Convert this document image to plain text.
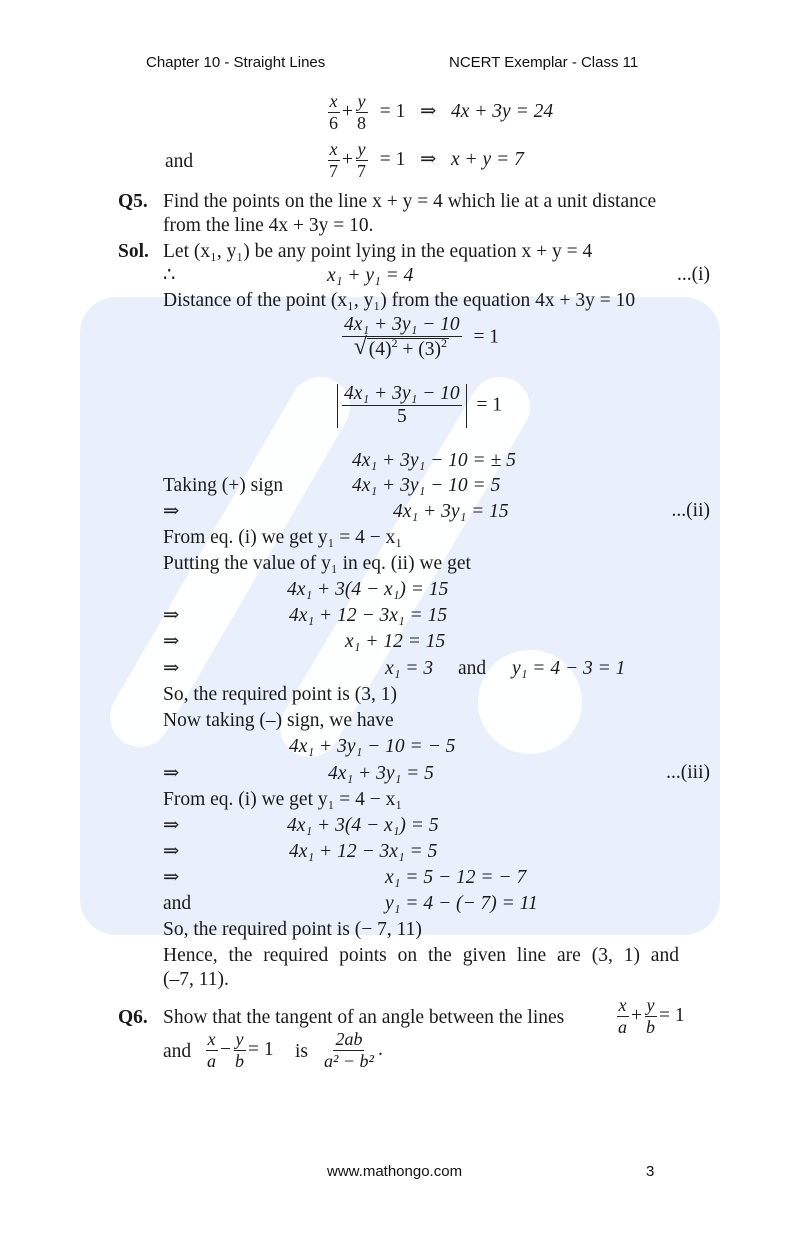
Chapter 10 - Straight Lines	NCERT Exemplar - Class 11
$\frac{x}{6} + \frac{y}{8} = 1$ ⇒ 4x + 3y = 24
and	$\frac{x}{7} + \frac{y}{7} = 1$ ⇒ x + y = 7
Q5. Find the points on the line x + y = 4 which lie at a unit distance
from the line 4x + 3y = 10.
Sol. Let (x₁, y₁) be any point lying in the equation x + y = 4
∴	x₁ + y₁ = 4	...(i)
Distance of the point (x₁, y₁) from the equation 4x + 3y = 10
4x₁ + 3y₁ − 10
√ $(4)^2 + (3)^2 = 1$
$\frac{\text{4x₁ + 3y₁ − 10}}{5} = 1$
4x₁ + 3y₁ − 10 = ± 5
Taking (+) sign	4x₁ + 3y₁ − 10 = 5
⇒	4x₁ + 3y₁ = 15	...(ii)
From eq. (i) we get y₁ = 4 − x₁
Putting the value of y₁ in eq. (ii) we get
4x₁ + 3(4 − x₁) = 15
⇒	4x₁ + 12 − 3x₁ = 15
⇒	x₁ + 12 = 15
⇒	x₁ = 3 and y₁ = 4 − 3 = 1
So, the required point is (3, 1)
Now taking (–) sign, we have
4x₁ + 3y₁ − 10 = − 5
⇒	4x₁ + 3y₁ = 5	...(iii)
From eq. (i) we get y₁ = 4 − x₁
⇒	4x₁ + 3(4 − x₁) = 5
⇒	4x₁ + 12 − 3x₁ = 5
⇒	x₁ = 5 − 12 = − 7
and	y₁ = 4 − (− 7) = 11
So, the required point is (− 7, 11)
Hence, the required points on the given line are (3, 1) and
(–7, 11).
Q6. Show that the tangent of an angle between the lines	$\frac{x}{a} + \frac{y}{b} = 1$
and $\frac{x}{a} - \frac{y}{b} = 1$ is $\frac{2ab}{\text{a² − b²}}$ .
www.mathongo.com	3
